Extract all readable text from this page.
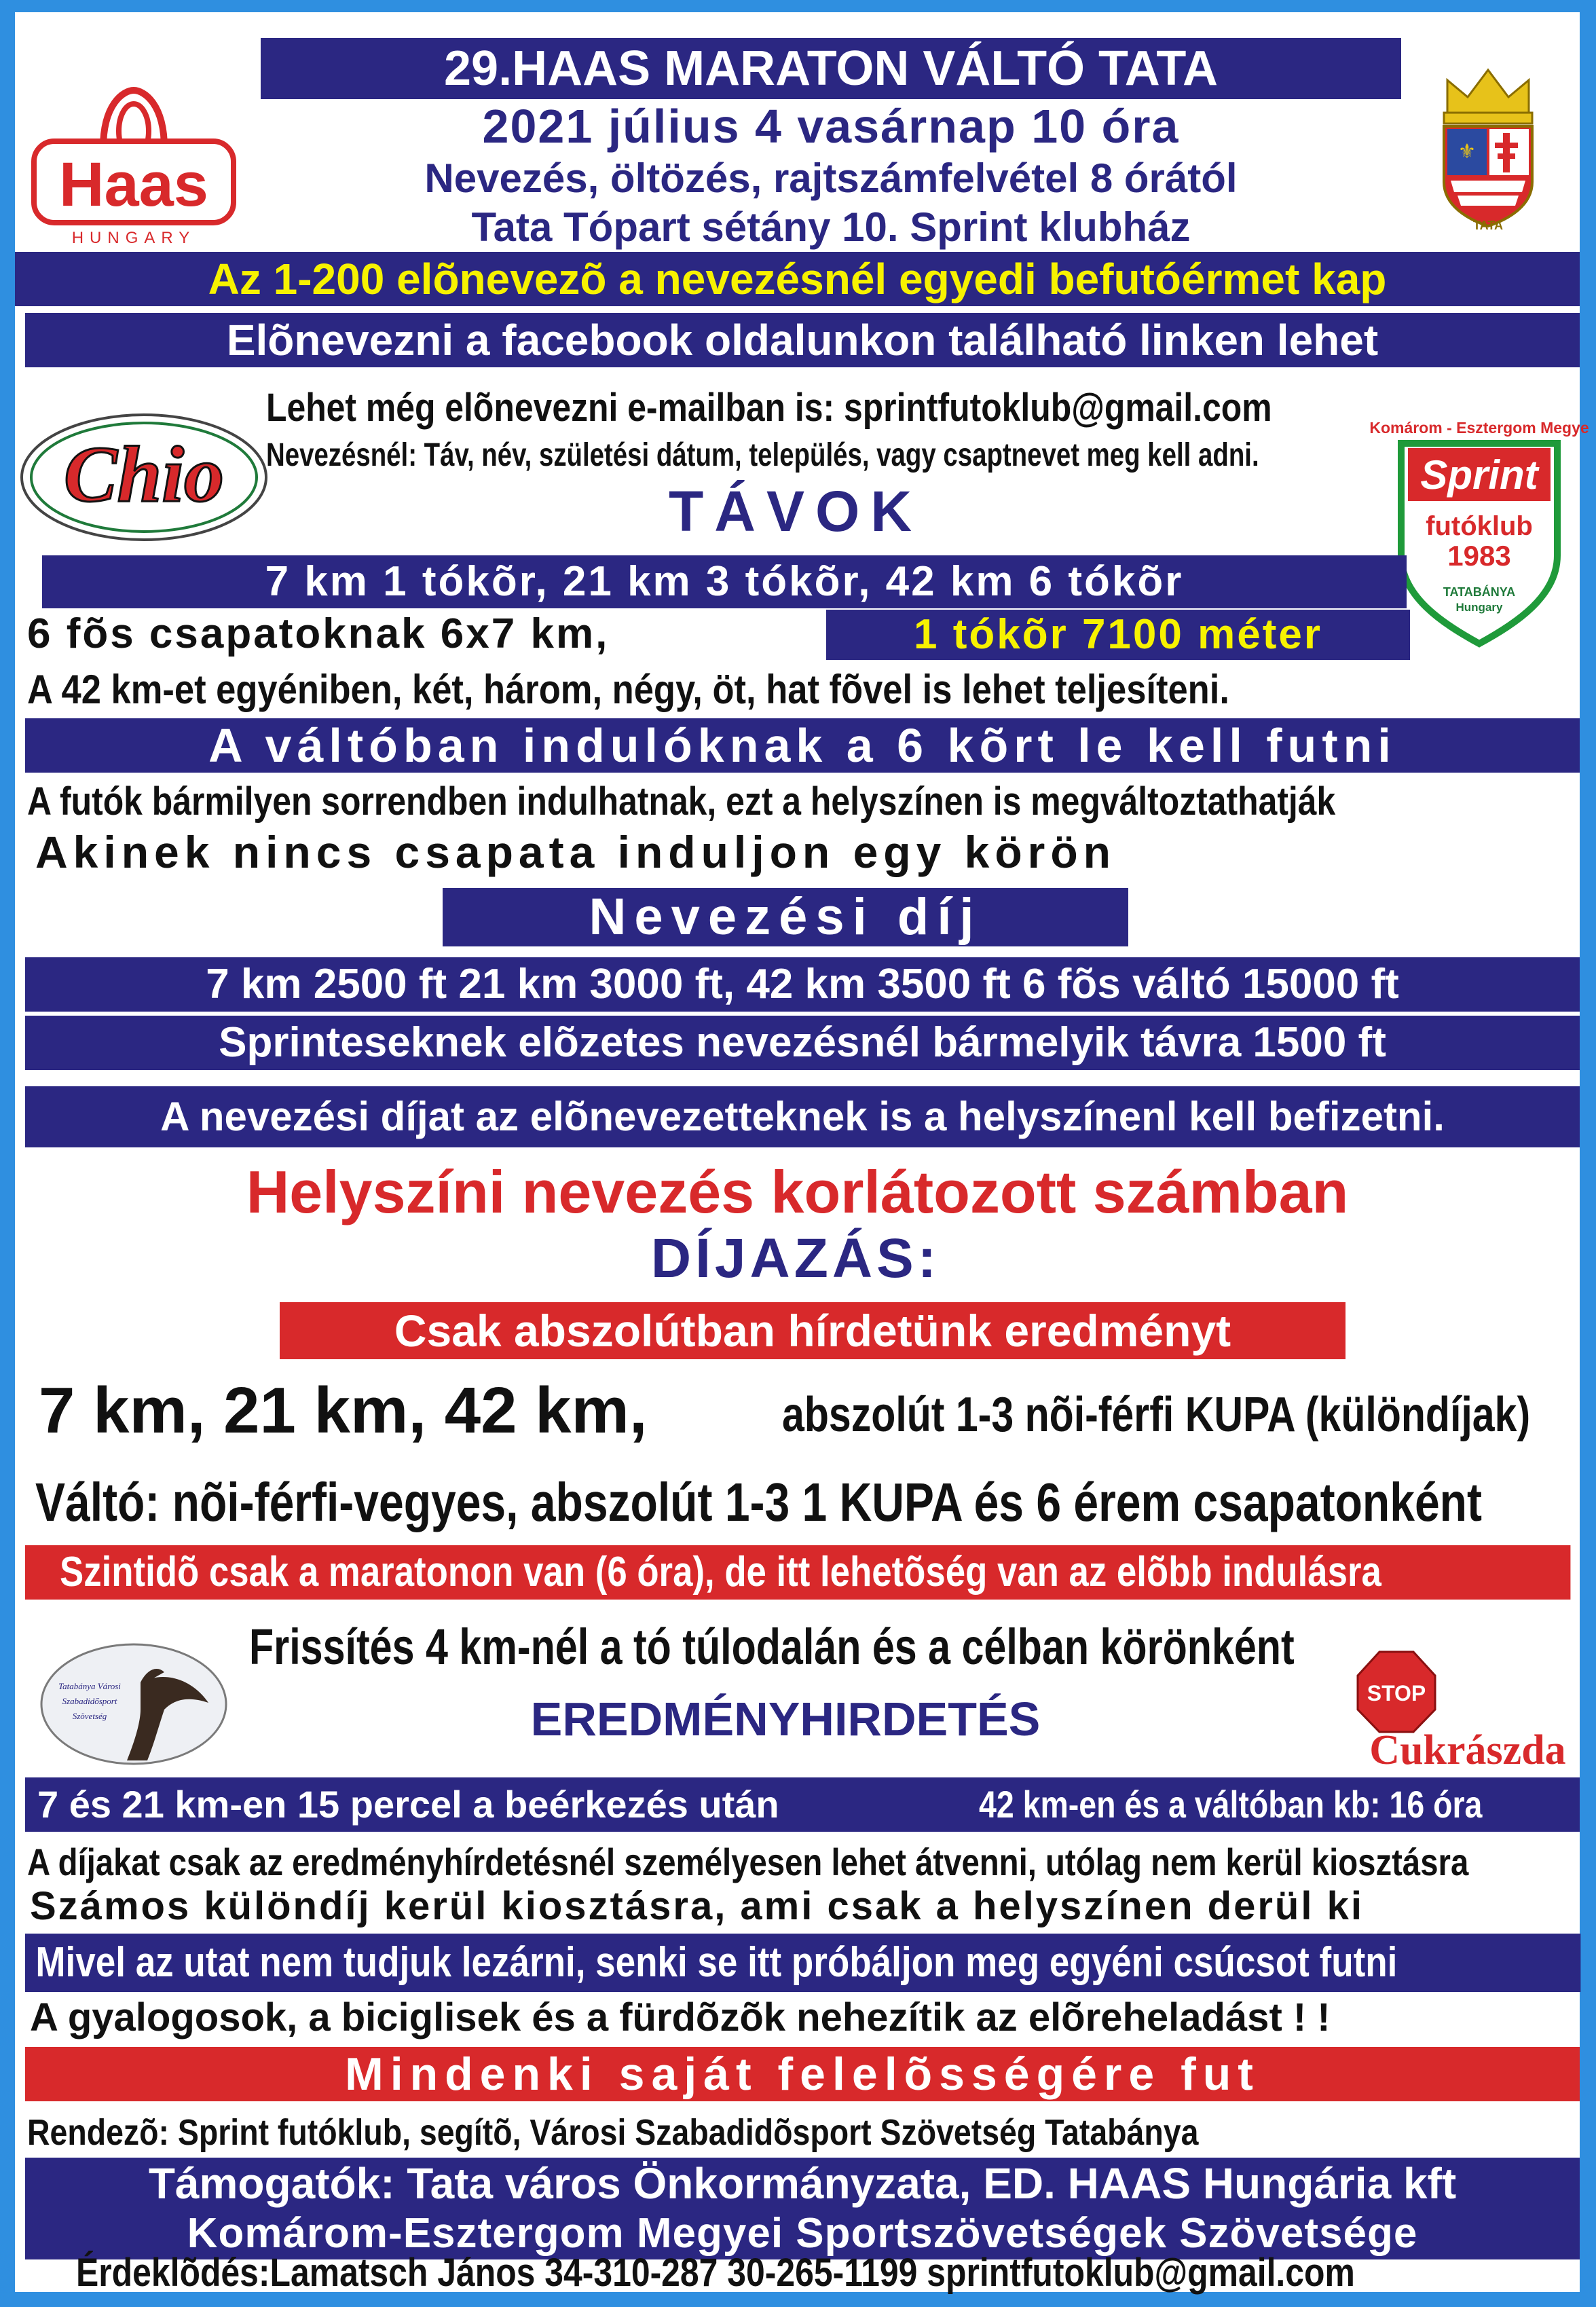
Haas
HUNGARY
⚜
TATA
29.HAAS MARATON VÁLTÓ TATA
2021 július 4 vasárnap 10 óra
Nevezés, öltözés, rajtszámfelvétel 8 órától
Tata Tópart sétány 10. Sprint klubház
Az 1-200 elõnevezõ a nevezésnél egyedi befutóérmet kap
Elõnevezni a facebook oldalunkon található linken lehet
Chio
Komárom - Esztergom Megye
Sprint
futóklub
1983
TATABÁNYA
Hungary
Lehet még elõnevezni e-mailban is: sprintfutoklub@gmail.com
Nevezésnél: Táv, név, születési dátum, település, vagy csaptnevet meg kell adni.
TÁVOK
7 km 1 tókõr, 21 km 3 tókõr, 42 km 6 tókõr
6 fõs csapatoknak 6x7 km,	1 tókõr 7100 méter
A 42 km-et egyéniben, két, három, négy, öt, hat fõvel is lehet teljesíteni.
A váltóban indulóknak a 6 kõrt le kell futni
A futók bármilyen sorrendben indulhatnak, ezt a helyszínen is megváltoztathatják
Akinek nincs csapata induljon egy körön
Nevezési díj
7 km 2500 ft 21 km 3000 ft, 42 km 3500 ft 6 fõs váltó 15000 ft
Sprinteseknek elõzetes nevezésnél bármelyik távra 1500 ft
A nevezési díjat az elõnevezetteknek is a helyszínenl kell befizetni.
Helyszíni nevezés korlátozott számban
DÍJAZÁS:
Csak abszolútban hírdetünk eredményt
7 km, 21 km, 42 km,	abszolút 1-3 nõi-férfi KUPA (különdíjak)
Váltó: nõi-férfi-vegyes, abszolút 1-3 1 KUPA és 6 érem csapatonként
Szintidõ csak a maratonon van (6 óra), de itt lehetõség van az elõbb indulásra
Tatabánya Városi
Szabadidősport
Szövetség
STOP
Cukrászda
Frissítés 4 km-nél a tó túlodalán és a célban körönként
EREDMÉNYHIRDETÉS
7 és 21 km-en 15 percel a beérkezés után	42 km-en és a váltóban kb: 16 óra
A díjakat csak az eredményhírdetésnél személyesen lehet átvenni, utólag nem kerül kiosztásra
Számos különdíj kerül kiosztásra, ami csak a helyszínen derül ki
Mivel az utat nem tudjuk lezárni, senki se itt próbáljon meg egyéni csúcsot futni
A gyalogosok, a biciglisek és a fürdõzõk nehezítik az elõreheladást ! !
Mindenki saját felelõsségére fut
Rendezõ: Sprint futóklub, segítõ, Városi Szabadidõsport Szövetség Tatabánya
Támogatók: Tata város Önkormányzata, ED. HAAS Hungária kft
Komárom-Esztergom Megyei Sportszövetségek Szövetsége
Érdeklõdés:Lamatsch János 34-310-287 30-265-1199 sprintfutoklub@gmail.com
